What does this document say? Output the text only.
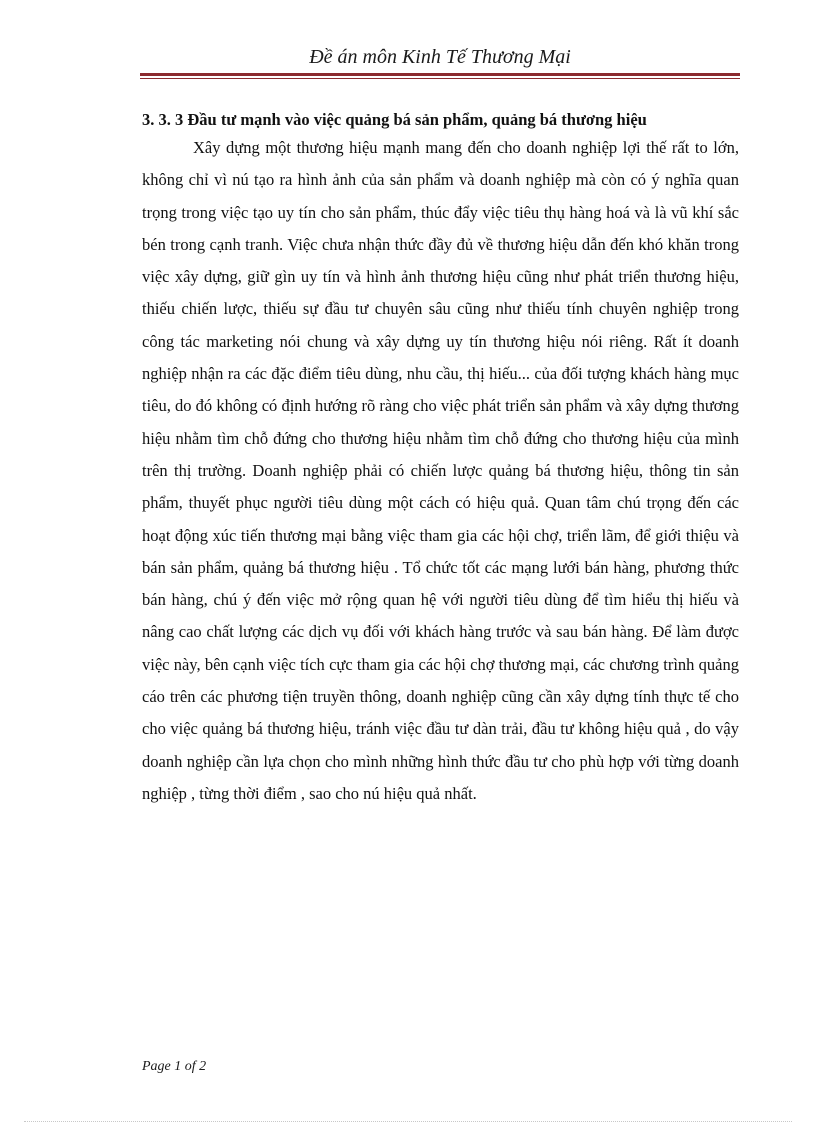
Đề án môn Kinh Tế Thương Mại

3. 3. 3 Đầu tư mạnh vào việc quảng bá sản phẩm, quảng bá thương hiệu

Xây dựng một thương hiệu mạnh mang đến cho doanh nghiệp lợi thế rất to lớn, không chỉ vì nú tạo ra hình ảnh của sản phẩm và doanh nghiệp mà còn có ý nghĩa quan trọng trong việc tạo uy tín cho sản phẩm, thúc đẩy việc tiêu thụ hàng hoá và là vũ khí sắc bén trong cạnh tranh. Việc chưa nhận thức đầy đủ về thương hiệu dẫn đến khó khăn trong việc xây dựng, giữ gìn uy tín và hình ảnh thương hiệu cũng như phát triển thương hiệu, thiếu chiến lược, thiếu sự đầu tư chuyên sâu cũng như thiếu tính chuyên nghiệp trong công tác marketing nói chung và xây dựng uy tín thương hiệu nói riêng. Rất ít doanh nghiệp nhận ra các đặc điểm tiêu dùng, nhu cầu, thị hiếu... của đối tượng khách hàng mục tiêu, do đó không có định hướng rõ ràng cho việc phát triển sản phẩm và xây dựng thương hiệu nhằm tìm chỗ đứng cho thương hiệu nhằm tìm chỗ đứng cho thương hiệu của mình trên thị trường. Doanh nghiệp phải có chiến lược quảng bá thương hiệu, thông tin sản phẩm, thuyết phục người tiêu dùng một cách có hiệu quả. Quan tâm chú trọng đến các hoạt động xúc tiến thương mại bằng việc tham gia các hội chợ, triển lãm, để giới thiệu và bán sản phẩm, quảng bá thương hiệu . Tổ chức tốt các mạng lưới bán hàng, phương thức bán hàng, chú ý đến việc mở rộng quan hệ với người tiêu dùng để tìm hiểu thị hiếu và nâng cao chất lượng các dịch vụ đối với khách hàng trước và sau bán hàng. Để làm được việc này, bên cạnh việc tích cực tham gia các hội chợ thương mại, các chương trình quảng cáo trên các phương tiện truyền thông, doanh nghiệp cũng cần xây dựng tính thực tế cho cho việc quảng bá thương hiệu, tránh việc đầu tư dàn trải, đầu tư không hiệu quả , do vậy doanh nghiệp cần lựa chọn cho mình những hình thức đầu tư cho phù hợp với từng doanh nghiệp , từng thời điểm , sao cho nú hiệu quả nhất.

Page 1 of 2
